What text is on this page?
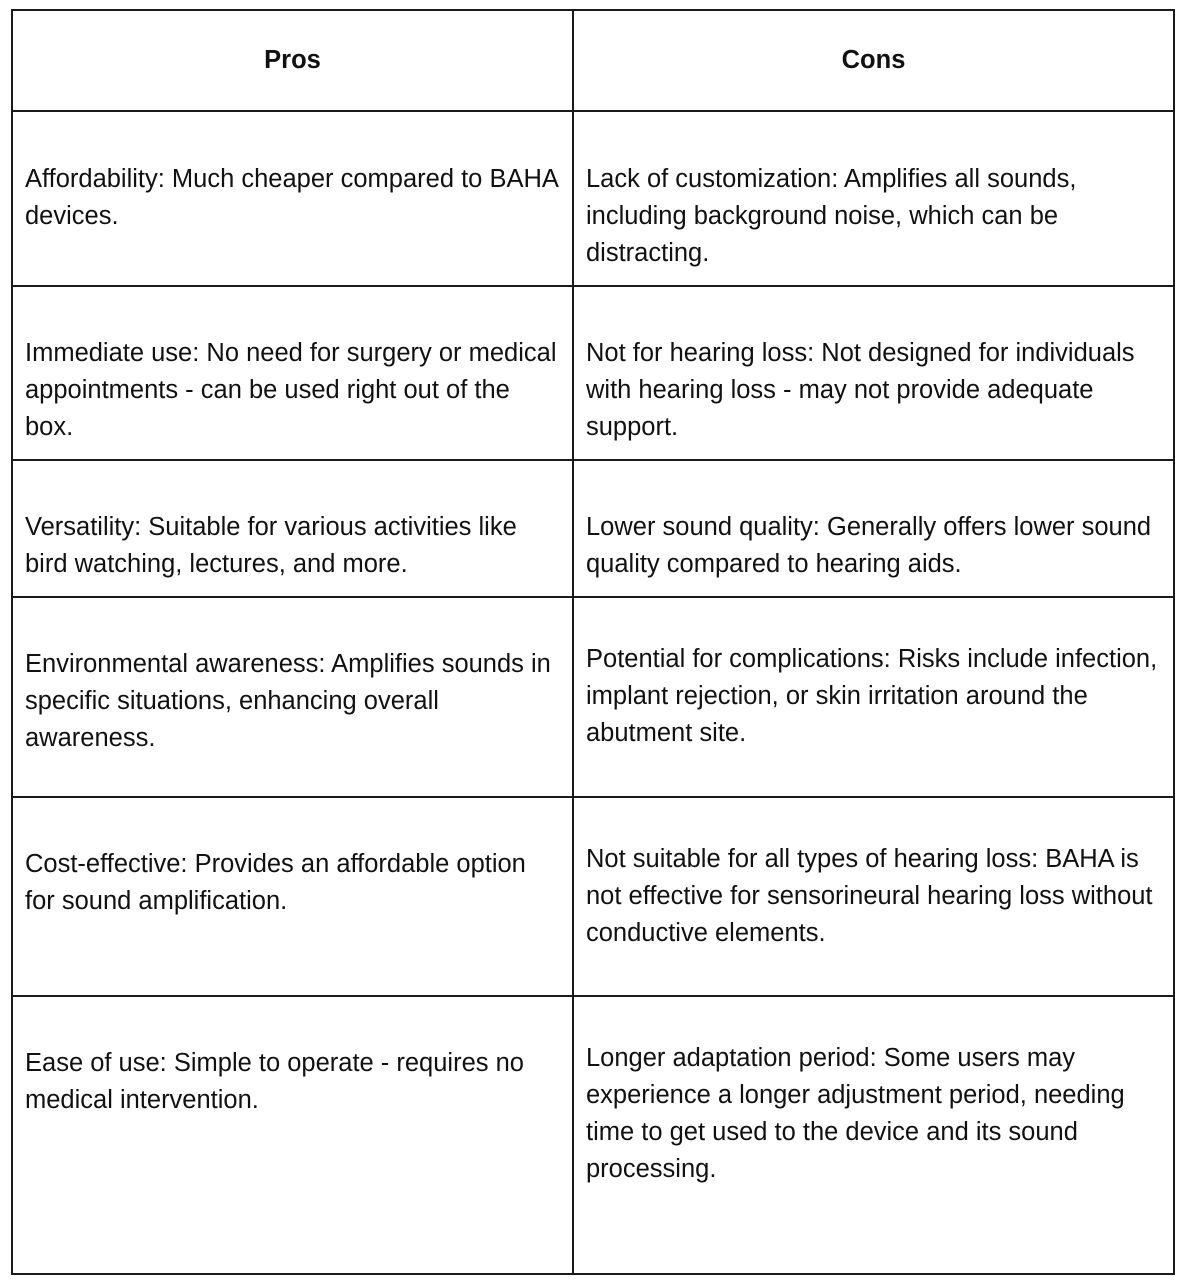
Pros	Cons
Affordability: Much cheaper compared to BAHA devices.	Lack of customization: Amplifies all sounds, including background noise, which can be distracting.
Immediate use: No need for surgery or medical appointments - can be used right out of the box.	Not for hearing loss: Not designed for individuals with hearing loss - may not provide adequate support.
Versatility: Suitable for various activities like bird watching, lectures, and more.	Lower sound quality: Generally offers lower sound quality compared to hearing aids.
Environmental awareness: Amplifies sounds in specific situations, enhancing overall awareness.	Potential for complications: Risks include infection, implant rejection, or skin irritation around the abutment site.
Cost-effective: Provides an affordable option for sound amplification.	Not suitable for all types of hearing loss: BAHA is not effective for sensorineural hearing loss without conductive elements.
Ease of use: Simple to operate - requires no medical intervention.	Longer adaptation period: Some users may experience a longer adjustment period, needing time to get used to the device and its sound processing.
